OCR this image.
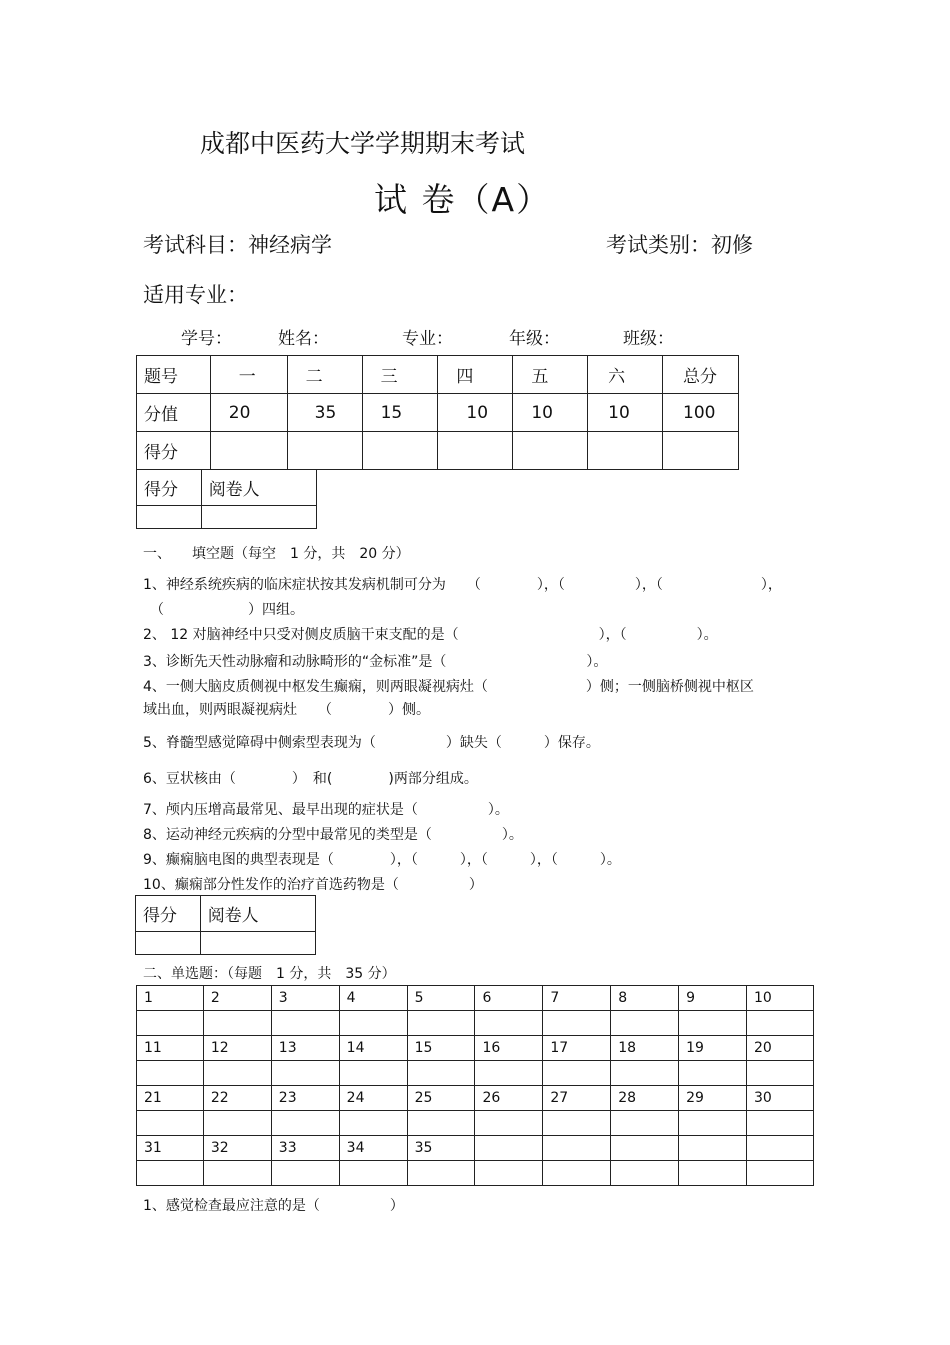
成都中医药大学学期期末考试
试 卷（A）
考试科目：神经病学	考试类别：初修
适用专业：
学号：	姓名：	专业：	年级：	班级：
题号	一	二	三	四	五	六	总分
分值	20	35	15	10	10	10	100
得分							
得分	阅卷人

一、　　填空题（每空　1 分，共　20 分）
1、神经系统疾病的临床症状按其发病机制可分为　　（　　　　），（　　　　　），（　　　　　　　），
（　　　　　　）四组。
2、 12 对脑神经中只受对侧皮质脑干束支配的是（　　　　　　　　　　），（　　　　　）。
3、诊断先天性动脉瘤和动脉畸形的“金标准”是（　　　　　　　　　　）。
4、一侧大脑皮质侧视中枢发生癫痫，则两眼凝视病灶（　　　　　　　）侧；一侧脑桥侧视中枢区
域出血，则两眼凝视病灶　　（　　　　）侧。
5、脊髓型感觉障碍中侧索型表现为（　　　　　）缺失（　　　）保存。
6、豆状核由（　　　　）　和(　　　　)两部分组成。
7、颅内压增高最常见、最早出现的症状是（　　　　　）。
8、运动神经元疾病的分型中最常见的类型是（　　　　　）。
9、癫痫脑电图的典型表现是（　　　　），（　　　），（　　　），（　　　）。
10、癫痫部分性发作的治疗首选药物是（　　　　　）
得分	阅卷人

二、单选题：（每题　1 分，共　35 分）
1	2	3	4	5	6	7	8	9	10

11	12	13	14	15	16	17	18	19	20

21	22	23	24	25	26	27	28	29	30

31	32	33	34	35					

1、感觉检查最应注意的是（　　　　　）
